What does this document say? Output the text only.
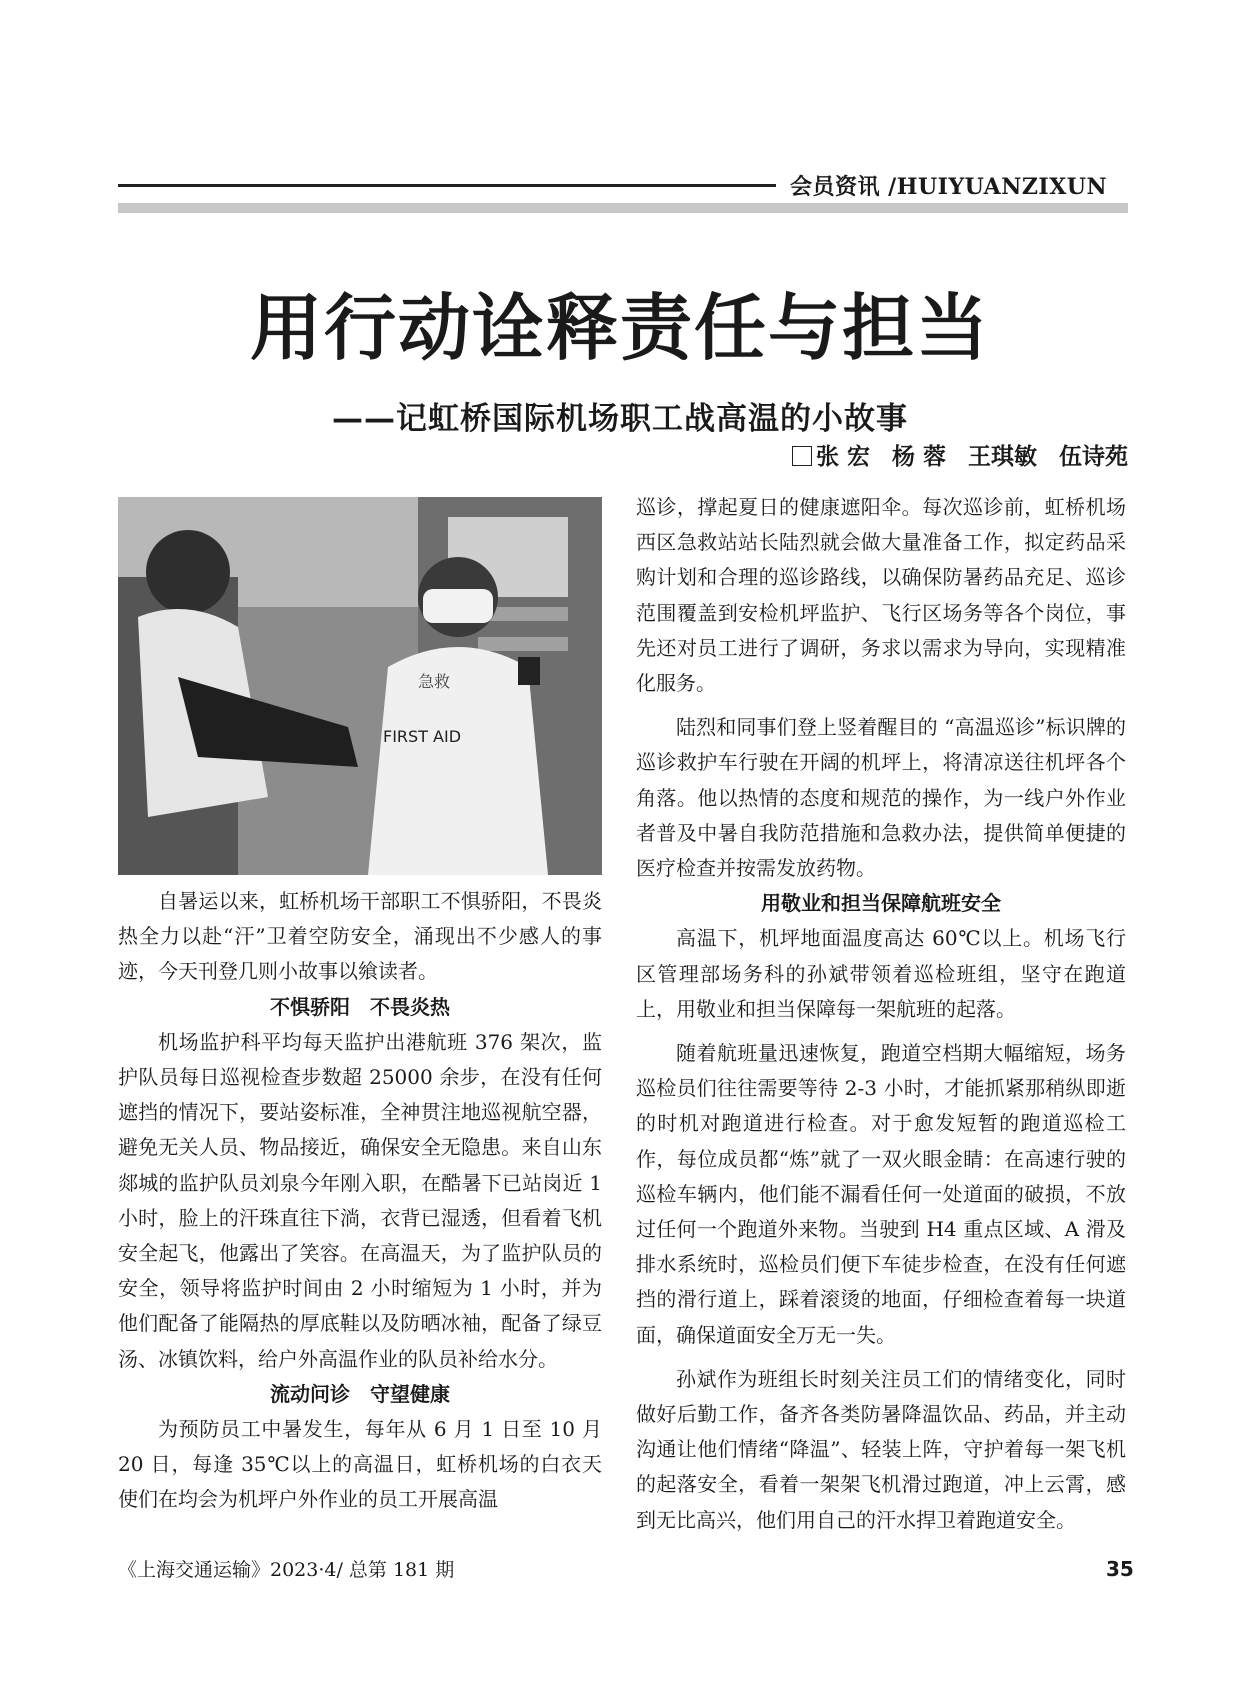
会员资讯 /HUIYUANZIXUN
用行动诠释责任与担当
——记虹桥国际机场职工战高温的小故事
张 宏 杨 蓉 王琪敏 伍诗苑
FIRST AID
急救

自暑运以来，虹桥机场干部职工不惧骄阳，不畏炎热全力以赴“汗”卫着空防安全，涌现出不少感人的事迹，今天刊登几则小故事以飨读者。

不惧骄阳　不畏炎热

机场监护科平均每天监护出港航班 376 架次，监护队员每日巡视检查步数超 25000 余步，在没有任何遮挡的情况下，要站姿标准，全神贯注地巡视航空器，避免无关人员、物品接近，确保安全无隐患。来自山东郯城的监护队员刘泉今年刚入职，在酷暑下已站岗近 1 小时，脸上的汗珠直往下淌，衣背已湿透，但看着飞机安全起飞，他露出了笑容。在高温天，为了监护队员的安全，领导将监护时间由 2 小时缩短为 1 小时，并为他们配备了能隔热的厚底鞋以及防晒冰袖，配备了绿豆汤、冰镇饮料，给户外高温作业的队员补给水分。

流动问诊　守望健康

为预防员工中暑发生，每年从 6 月 1 日至 10 月 20 日，每逢 35℃以上的高温日，虹桥机场的白衣天使们在均会为机坪户外作业的员工开展高温

巡诊，撑起夏日的健康遮阳伞。每次巡诊前，虹桥机场西区急救站站长陆烈就会做大量准备工作，拟定药品采购计划和合理的巡诊路线，以确保防暑药品充足、巡诊范围覆盖到安检机坪监护、飞行区场务等各个岗位，事先还对员工进行了调研，务求以需求为导向，实现精准化服务。

陆烈和同事们登上竖着醒目的 “高温巡诊”标识牌的巡诊救护车行驶在开阔的机坪上，将清凉送往机坪各个角落。他以热情的态度和规范的操作，为一线户外作业者普及中暑自我防范措施和急救办法，提供简单便捷的医疗检查并按需发放药物。

用敬业和担当保障航班安全

高温下，机坪地面温度高达 60℃以上。机场飞行区管理部场务科的孙斌带领着巡检班组，坚守在跑道上，用敬业和担当保障每一架航班的起落。

随着航班量迅速恢复，跑道空档期大幅缩短，场务巡检员们往往需要等待 2-3 小时，才能抓紧那稍纵即逝的时机对跑道进行检查。对于愈发短暂的跑道巡检工作，每位成员都“炼”就了一双火眼金睛：在高速行驶的巡检车辆内，他们能不漏看任何一处道面的破损，不放过任何一个跑道外来物。当驶到 H4 重点区域、A 滑及排水系统时，巡检员们便下车徒步检查，在没有任何遮挡的滑行道上，踩着滚烫的地面，仔细检查着每一块道面，确保道面安全万无一失。

孙斌作为班组长时刻关注员工们的情绪变化，同时做好后勤工作，备齐各类防暑降温饮品、药品，并主动沟通让他们情绪“降温”、轻装上阵，守护着每一架飞机的起落安全，看着一架架飞机滑过跑道，冲上云霄，感到无比高兴，他们用自己的汗水捍卫着跑道安全。

《上海交通运输》2023·4/ 总第 181 期	35
